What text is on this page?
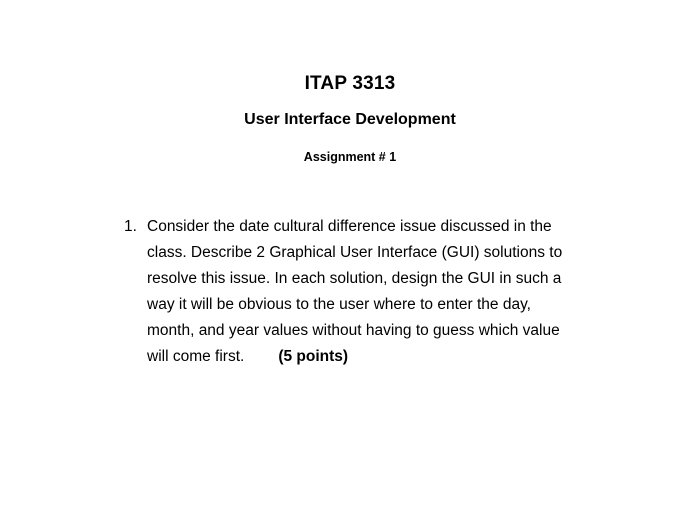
ITAP 3313
User Interface Development
Assignment # 1
1. Consider the date cultural difference issue discussed in the
class. Describe 2 Graphical User Interface (GUI) solutions to
resolve this issue. In each solution, design the GUI in such a
way it will be obvious to the user where to enter the day,
month, and year values without having to guess which value
will come first. (5 points)
